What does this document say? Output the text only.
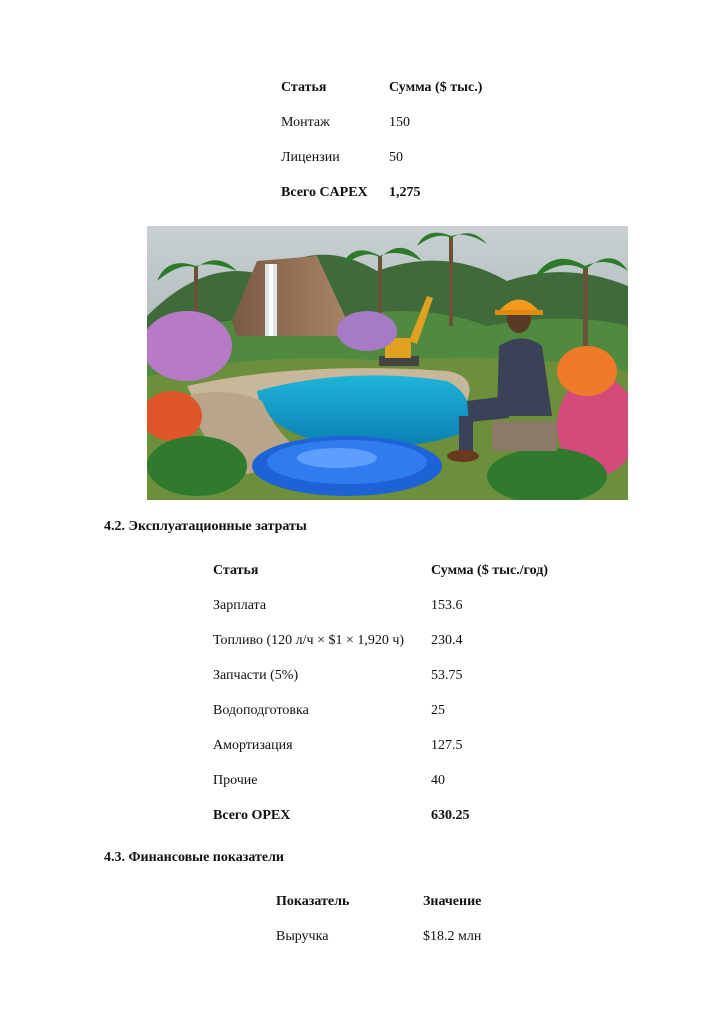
Статья	Сумма ($ тыс.)
Монтаж	150
Лицензии	50
Всего CAPEX	1,275
4.2. Эксплуатационные затраты
Статья	Сумма ($ тыс./год)
Зарплата	153.6
Топливо (120 л/ч × $1 × 1,920 ч)	230.4
Запчасти (5%)	53.75
Водоподготовка	25
Амортизация	127.5
Прочие	40
Всего OPEX	630.25
4.3. Финансовые показатели
Показатель	Значение
Выручка	$18.2 млн
